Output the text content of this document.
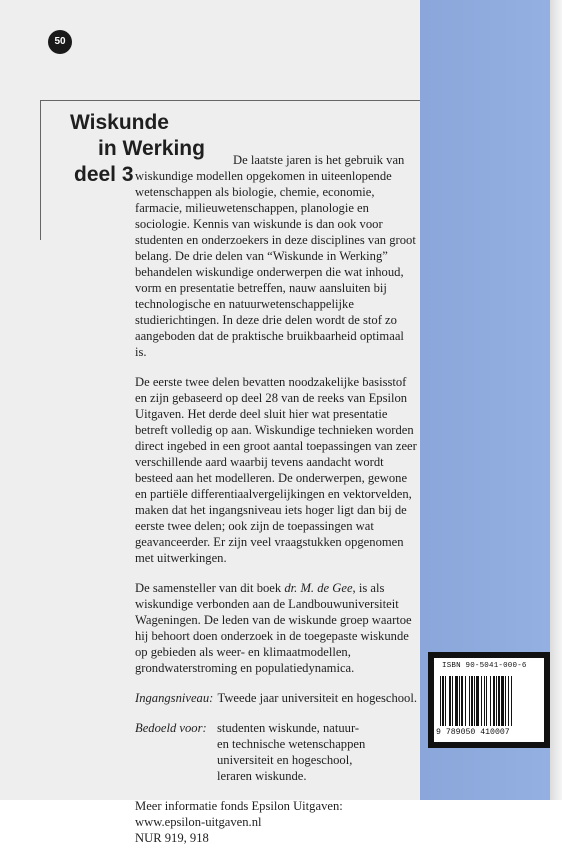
50
Wiskunde
in Werking
deel 3

De laatste jaren is het gebruik van wiskundige modellen opgekomen in uiteenlopende wetenschappen als biologie, chemie, economie, farmacie, milieuwetenschappen, planologie en sociologie. Kennis van wiskunde is dan ook voor studenten en onderzoekers in deze disciplines van groot belang. De drie delen van “Wiskunde in Werking” behandelen wiskundige onderwerpen die wat inhoud, vorm en presentatie betreffen, nauw aansluiten bij technologische en natuurwetenschappelijke studierichtingen. In deze drie delen wordt de stof zo aangeboden dat de praktische bruikbaarheid optimaal is.

De eerste twee delen bevatten noodzakelijke basisstof en zijn gebaseerd op deel 28 van de reeks van Epsilon Uitgaven. Het derde deel sluit hier wat presentatie betreft volledig op aan. Wiskundige technieken worden direct ingebed in een groot aantal toepassingen van zeer verschillende aard waarbij tevens aandacht wordt besteed aan het modelleren. De onderwerpen, gewone en partiële differentiaalvergelijkingen en vektorvelden, maken dat het ingangsniveau iets hoger ligt dan bij de eerste twee delen; ook zijn de toepassingen wat geavanceerder. Er zijn veel vraagstukken opgenomen met uitwerkingen.

De samensteller van dit boek dr. M. de Gee, is als wiskundige verbonden aan de Landbouwuniversiteit Wageningen. De leden van de wiskunde groep waartoe hij behoort doen onderzoek in de toegepaste wiskunde op gebieden als weer- en klimaatmodellen, grondwaterstroming en populatiedynamica.

Ingangsniveau: Tweede jaar universiteit en hogeschool.
Bedoeld voor: studenten wiskunde, natuur-
en technische wetenschappen
universiteit en hogeschool,
leraren wiskunde.
Meer informatie fonds Epsilon Uitgaven:
www.epsilon-uitgaven.nl
NUR 919, 918
ISBN 90-5041-000-6
9 789050 410007
